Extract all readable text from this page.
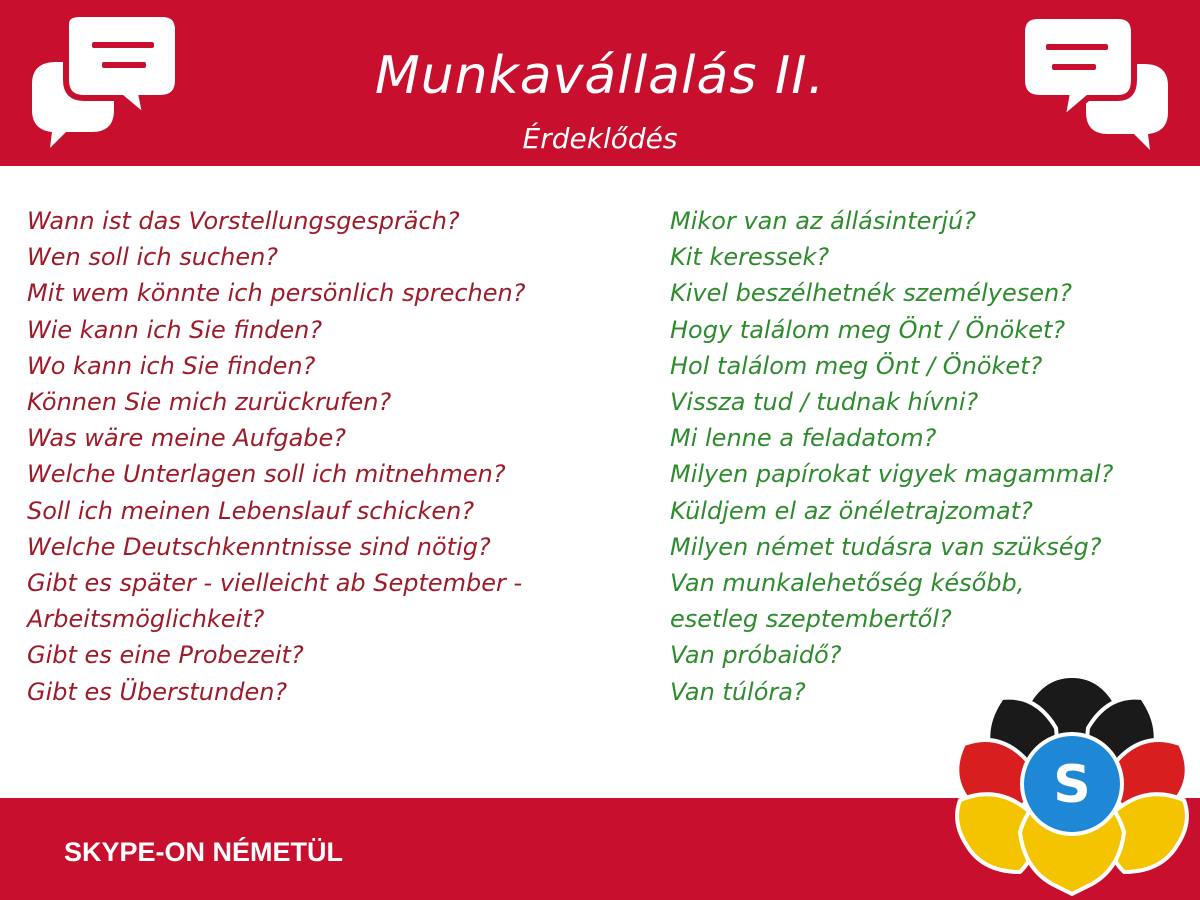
Munkavállalás II.
Érdeklődés
Wann ist das Vorstellungsgespräch?
Wen soll ich suchen?
Mit wem könnte ich persönlich sprechen?
Wie kann ich Sie finden?
Wo kann ich Sie finden?
Können Sie mich zurückrufen?
Was wäre meine Aufgabe?
Welche Unterlagen soll ich mitnehmen?
Soll ich meinen Lebenslauf schicken?
Welche Deutschkenntnisse sind nötig?
Gibt es später - vielleicht ab September -
Arbeitsmöglichkeit?
Gibt es eine Probezeit?
Gibt es Überstunden?
Mikor van az állásinterjú?
Kit keressek?
Kivel beszélhetnék személyesen?
Hogy találom meg Önt / Önöket?
Hol találom meg Önt / Önöket?
Vissza tud / tudnak hívni?
Mi lenne a feladatom?
Milyen papírokat vigyek magammal?
Küldjem el az önéletrajzomat?
Milyen német tudásra van szükség?
Van munkalehetőség később,
esetleg szeptembertől?
Van próbaidő?
Van túlóra?
SKYPE-ON NÉMETÜL
S
